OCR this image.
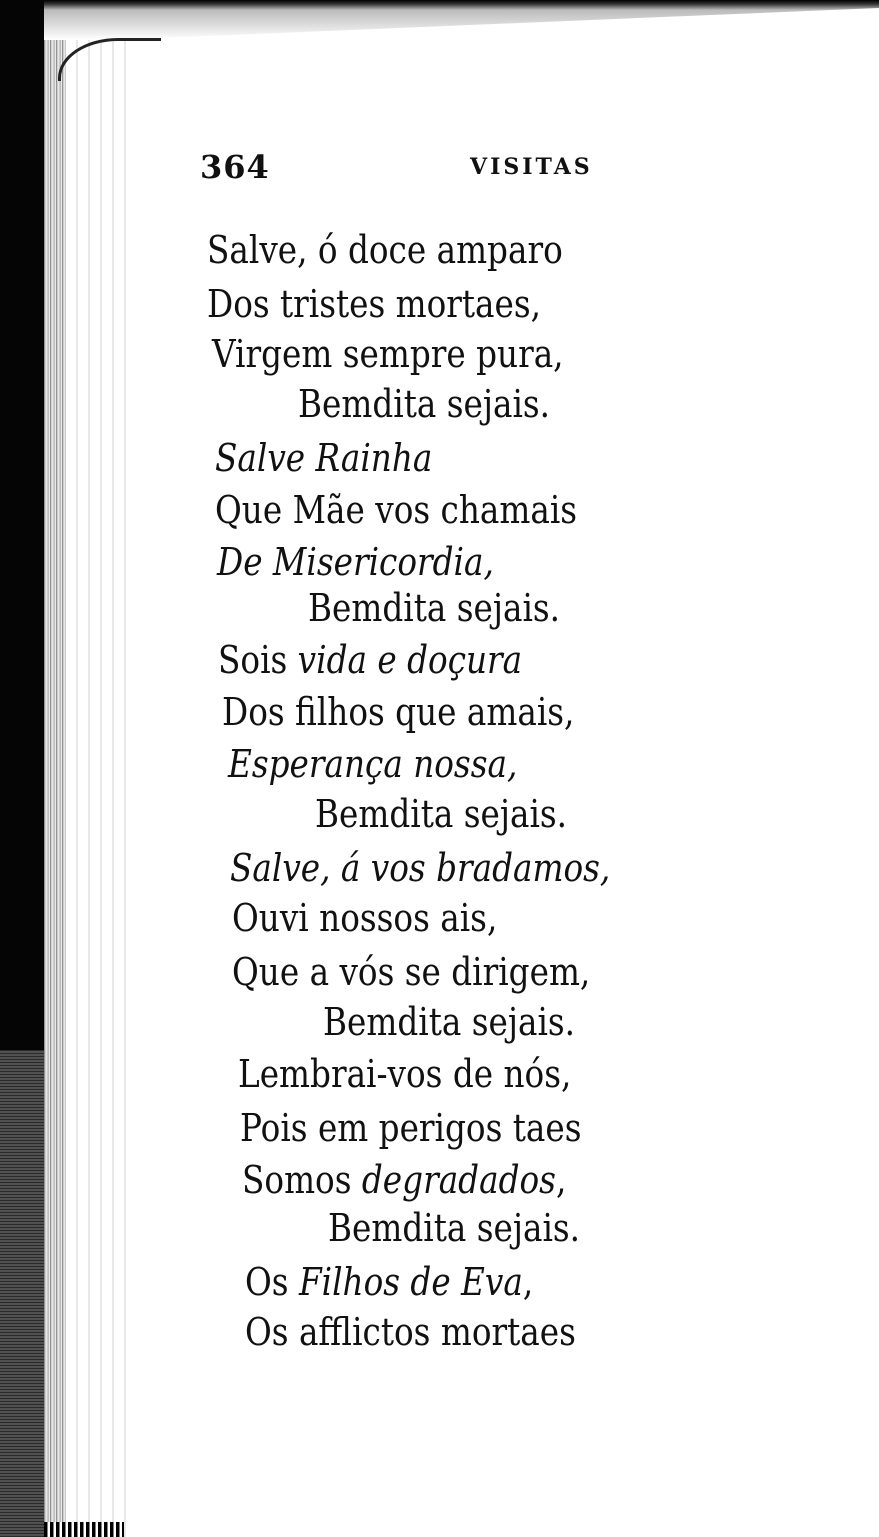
364	VISITAS
Salve, ó doce amparo
Dos tristes mortaes,
Virgem sempre pura,
Bemdita sejais.
Salve Rainha
Que Mãe vos chamais
De Misericordia,
Bemdita sejais.
Sois vida e doçura
Dos filhos que amais,
Esperança nossa,
Bemdita sejais.
Salve, á vos bradamos,
Ouvi nossos ais,
Que a vós se dirigem,
Bemdita sejais.
Lembrai-vos de nós,
Pois em perigos taes
Somos degradados,
Bemdita sejais.
Os Filhos de Eva,
Os afflictos mortaes
